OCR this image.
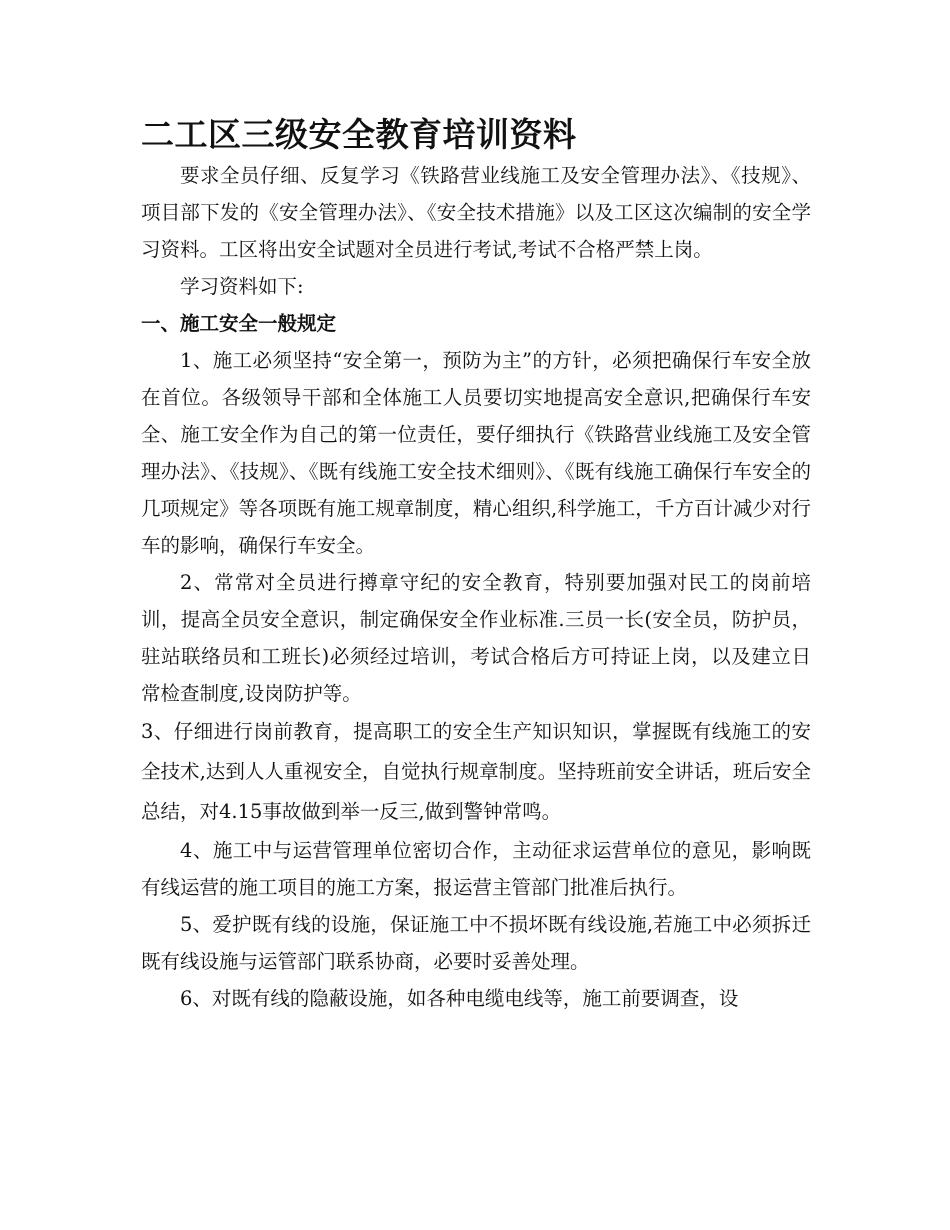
二工区三级安全教育培训资料

要求全员仔细、反复学习《铁路营业线施工及安全管理办法》、《技规》、项目部下发的《安全管理办法》、《安全技术措施》以及工区这次编制的安全学习资料。工区将出安全试题对全员进行考试,考试不合格严禁上岗。

学习资料如下:

一、施工安全一般规定

1、施工必须坚持“安全第一，预防为主”的方针，必须把确保行车安全放在首位。各级领导干部和全体施工人员要切实地提高安全意识,把确保行车安全、施工安全作为自己的第一位责任，要仔细执行《铁路营业线施工及安全管理办法》、《技规》、《既有线施工安全技术细则》、《既有线施工确保行车安全的几项规定》等各项既有施工规章制度，精心组织,科学施工，千方百计减少对行车的影响，确保行车安全。

2、常常对全员进行撙章守纪的安全教育，特别要加强对民工的岗前培训，提高全员安全意识，制定确保安全作业标准.三员一长(安全员，防护员，驻站联络员和工班长)必须经过培训，考试合格后方可持证上岗，以及建立日常检查制度,设岗防护等。

3、仔细进行岗前教育，提高职工的安全生产知识知识，掌握既有线施工的安全技术,达到人人重视安全，自觉执行规章制度。坚持班前安全讲话，班后安全总结，对4.15事故做到举一反三,做到警钟常鸣。

4、施工中与运营管理单位密切合作，主动征求运营单位的意见，影响既有线运营的施工项目的施工方案，报运营主管部门批准后执行。

5、爱护既有线的设施，保证施工中不损坏既有线设施,若施工中必须拆迁既有线设施与运管部门联系协商，必要时妥善处理。

6、对既有线的隐蔽设施，如各种电缆电线等，施工前要调查，设
